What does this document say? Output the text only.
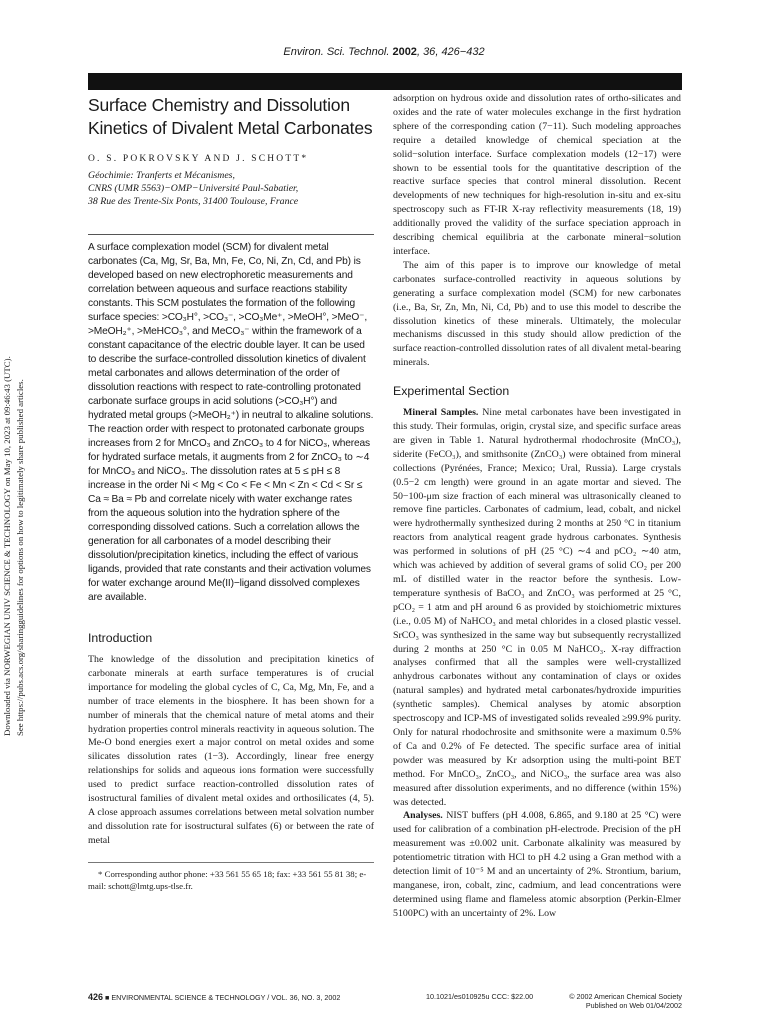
Environ. Sci. Technol. 2002, 36, 426−432
Downloaded via NORWEGIAN UNIV SCIENCE & TECHNOLOGY on May 10, 2023 at 09:46:43 (UTC). See https://pubs.acs.org/sharingguidelines for options on how to legitimately share published articles.
Surface Chemistry and Dissolution Kinetics of Divalent Metal Carbonates
O. S. POKROVSKY AND J. SCHOTT*
Géochimie: Tranferts et Mécanismes,
CNRS (UMR 5563)−OMP−Université Paul-Sabatier,
38 Rue des Trente-Six Ponts, 31400 Toulouse, France
A surface complexation model (SCM) for divalent metal carbonates (Ca, Mg, Sr, Ba, Mn, Fe, Co, Ni, Zn, Cd, and Pb) is developed based on new electrophoretic measurements and correlation between aqueous and surface reactions stability constants. This SCM postulates the formation of the following surface species: >CO₃H°, >CO₃⁻, >CO₃Me⁺, >MeOH°, >MeO⁻, >MeOH₂⁺, >MeHCO₃°, and MeCO₃⁻ within the framework of a constant capacitance of the electric double layer. It can be used to describe the surface-controlled dissolution kinetics of divalent metal carbonates and allows determination of the order of dissolution reactions with respect to rate-controlling protonated carbonate surface groups in acid solutions (>CO₃H°) and hydrated metal groups (>MeOH₂⁺) in neutral to alkaline solutions. The reaction order with respect to protonated carbonate groups increases from 2 for MnCO₃ and ZnCO₃ to 4 for NiCO₃, whereas for hydrated surface metals, it augments from 2 for ZnCO₃ to ∼4 for MnCO₃ and NiCO₃. The dissolution rates at 5 ≤ pH ≤ 8 increase in the order Ni < Mg < Co < Fe < Mn < Zn < Cd < Sr ≤ Ca ≈ Ba ≈ Pb and correlate nicely with water exchange rates from the aqueous solution into the hydration sphere of the corresponding dissolved cations. Such a correlation allows the generation for all carbonates of a model describing their dissolution/precipitation kinetics, including the effect of various ligands, provided that rate constants and their activation volumes for water exchange around Me(II)−ligand dissolved complexes are available.
Introduction

The knowledge of the dissolution and precipitation kinetics of carbonate minerals at earth surface temperatures is of crucial importance for modeling the global cycles of C, Ca, Mg, Mn, Fe, and a number of trace elements in the biosphere. It has been shown for a number of minerals that the chemical nature of metal atoms and their hydration properties control minerals reactivity in aqueous solution. The Me-O bond energies exert a major control on metal oxides and some silicates dissolution rates (1−3). Accordingly, linear free energy relationships for solids and aqueous ions formation were successfully used to predict surface reaction-controlled dissolution rates of isostructural families of divalent metal oxides and orthosilicates (4, 5). A close approach assumes correlations between metal solvation number and dissolution rate for isostructural sulfates (6) or between the rate of metal

* Corresponding author phone: +33 561 55 65 18; fax: +33 561 55 81 38; e-mail: schott@lmtg.ups-tlse.fr.

adsorption on hydrous oxide and dissolution rates of ortho-silicates and oxides and the rate of water molecules exchange in the first hydration sphere of the corresponding cation (7−11). Such modeling approaches require a detailed knowledge of chemical speciation at the solid−solution interface. Surface complexation models (12−17) were shown to be essential tools for the quantitative description of the reactive surface species that control mineral dissolution. Recent developments of new techniques for high-resolution in-situ and ex-situ spectroscopy such as FT-IR X-ray reflectivity measurements (18, 19) additionally proved the validity of the surface speciation approach in describing chemical equilibria at the carbonate mineral−solution interface.

The aim of this paper is to improve our knowledge of metal carbonates surface-controlled reactivity in aqueous solutions by generating a surface complexation model (SCM) for new carbonates (i.e., Ba, Sr, Zn, Mn, Ni, Cd, Pb) and to use this model to describe the dissolution kinetics of these minerals. Ultimately, the molecular mechanisms discussed in this study should allow prediction of the surface reaction-controlled dissolution rates of all divalent metal-bearing minerals.

Experimental Section

Mineral Samples. Nine metal carbonates have been investigated in this study. Their formulas, origin, crystal size, and specific surface areas are given in Table 1. Natural hydrothermal rhodochrosite (MnCO₃), siderite (FeCO₃), and smithsonite (ZnCO₃) were obtained from mineral collections (Pyrénées, France; Mexico; Ural, Russia). Large crystals (0.5−2 cm length) were ground in an agate mortar and sieved. The 50−100-μm size fraction of each mineral was ultrasonically cleaned to remove fine particles. Carbonates of cadmium, lead, cobalt, and nickel were hydrothermally synthesized during 2 months at 250 °C in titanium reactors from analytical reagent grade hydrous carbonates. Synthesis was performed in solutions of pH (25 °C) ∼4 and pCO₂ ∼40 atm, which was achieved by addition of several grams of solid CO₂ per 200 mL of distilled water in the reactor before the synthesis. Low-temperature synthesis of BaCO₃ and ZnCO₃ was performed at 25 °C, pCO₂ = 1 atm and pH around 6 as provided by stoichiometric mixtures (i.e., 0.05 M) of NaHCO₃ and metal chlorides in a closed plastic vessel. SrCO₃ was synthesized in the same way but subsequently recrystallized during 2 months at 250 °C in 0.05 M NaHCO₃. X-ray diffraction analyses confirmed that all the samples were well-crystallized anhydrous carbonates without any contamination of clays or oxides (natural samples) and hydrated metal carbonates/hydroxide impurities (synthetic samples). Chemical analyses by atomic absorption spectroscopy and ICP-MS of investigated solids revealed ≥99.9% purity. Only for natural rhodochrosite and smithsonite were a maximum 0.5% of Ca and 0.2% of Fe detected. The specific surface area of initial powder was measured by Kr adsorption using the multi-point BET method. For MnCO₃, ZnCO₃, and NiCO₃, the surface area was also measured after dissolution experiments, and no difference (within 15%) was detected.

Analyses. NIST buffers (pH 4.008, 6.865, and 9.180 at 25 °C) were used for calibration of a combination pH-electrode. Precision of the pH measurement was ±0.002 unit. Carbonate alkalinity was measured by potentiometric titration with HCl to pH 4.2 using a Gran method with a detection limit of 10⁻⁵ M and an uncertainty of 2%. Strontium, barium, manganese, iron, cobalt, zinc, cadmium, and lead concentrations were determined using flame and flameless atomic absorption (Perkin-Elmer 5100PC) with an uncertainty of 2%. Low

426 ■ ENVIRONMENTAL SCIENCE & TECHNOLOGY / VOL. 36, NO. 3, 2002	10.1021/es010925u CCC: $22.00	© 2002 American Chemical Society
Published on Web 01/04/2002
